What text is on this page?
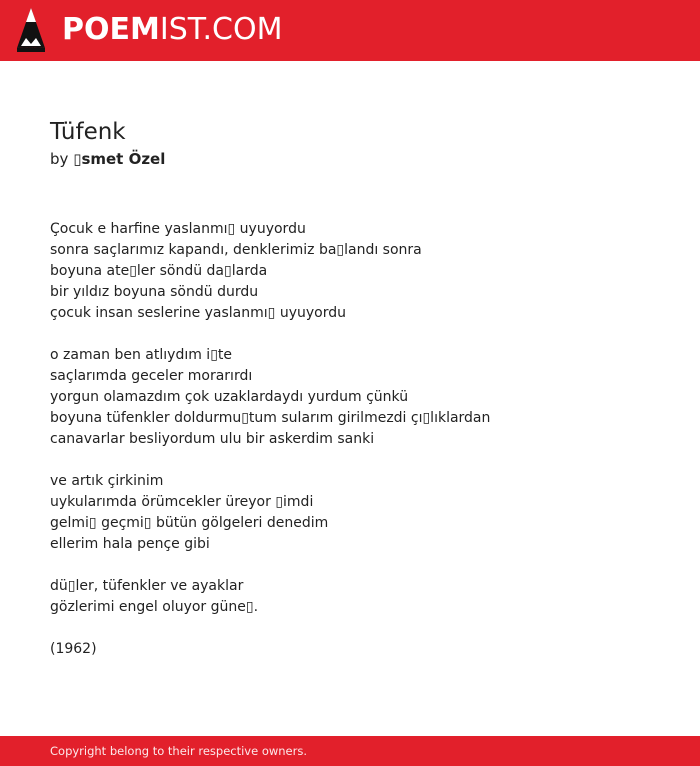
POEMIST.COM
Tüfenk
by ▯smet Özel
Çocuk e harfine yaslanmı▯ uyuyordu
sonra saçlarımız kapandı, denklerimiz ba▯landı sonra
boyuna ate▯ler söndü da▯larda
bir yıldız boyuna söndü durdu
çocuk insan seslerine yaslanmı▯ uyuyordu
o zaman ben atlıydım i▯te
saçlarımda geceler morarırdı
yorgun olamazdım çok uzaklardaydı yurdum çünkü
boyuna tüfenkler doldurmu▯tum sularım girilmezdi çı▯lıklardan
canavarlar besliyordum ulu bir askerdim sanki
ve artık çirkinim
uykularımda örümcekler üreyor ▯imdi
gelmi▯ geçmi▯ bütün gölgeleri denedim
ellerim hala pençe gibi
dü▯ler, tüfenkler ve ayaklar
gözlerimi engel oluyor güne▯.
(1962)
Copyright belong to their respective owners.
